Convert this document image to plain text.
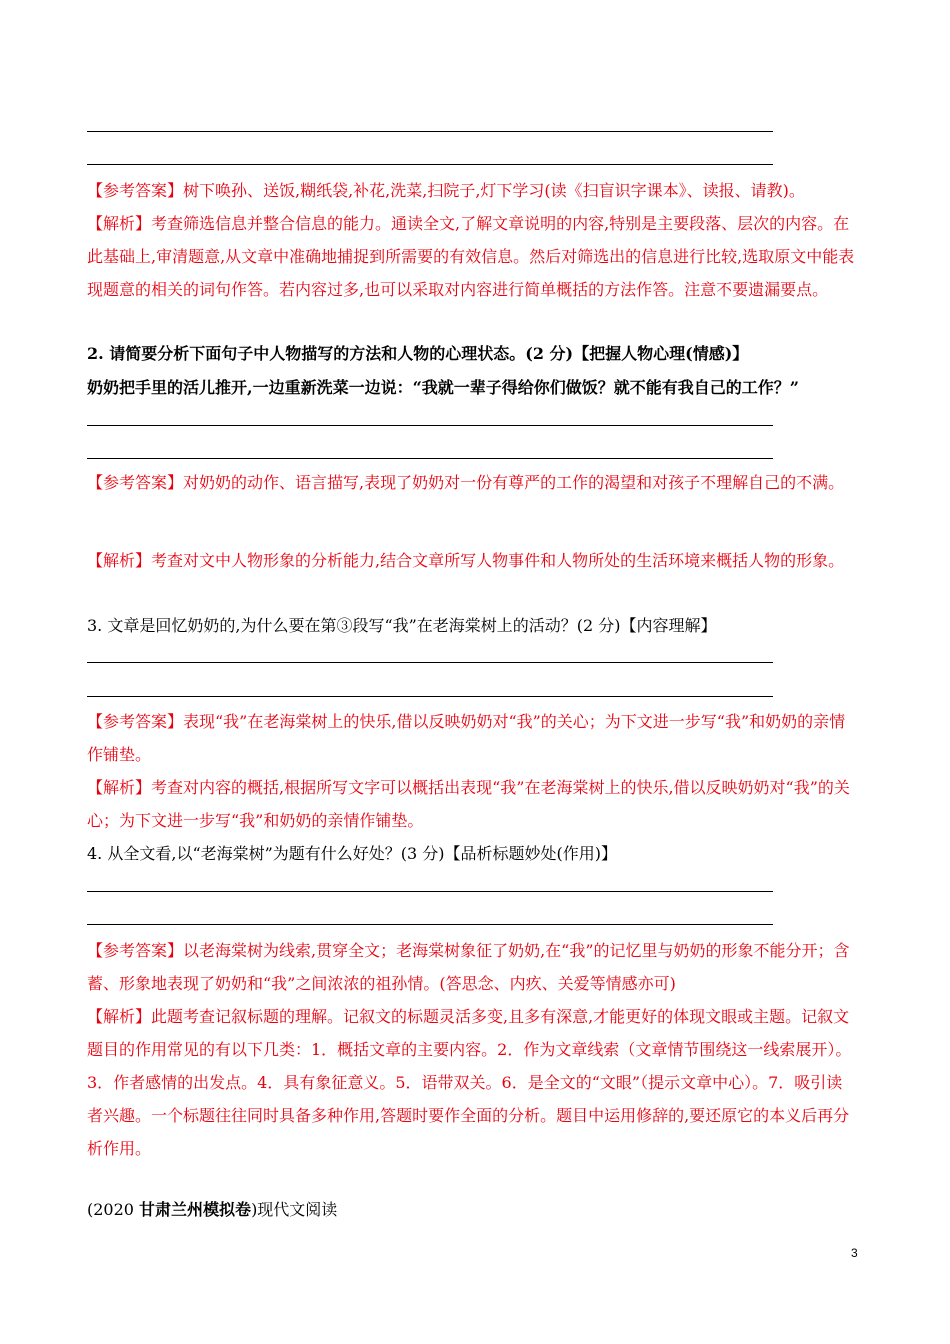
【参考答案】树下唤孙、送饭,糊纸袋,补花,洗菜,扫院子,灯下学习(读《扫盲识字课本》、读报、请教)。
【解析】考查筛选信息并整合信息的能力。通读全文,了解文章说明的内容,特别是主要段落、层次的内容。在此基础上,审清题意,从文章中准确地捕捉到所需要的有效信息。然后对筛选出的信息进行比较,选取原文中能表现题意的相关的词句作答。若内容过多,也可以采取对内容进行简单概括的方法作答。注意不要遗漏要点。
2. 请简要分析下面句子中人物描写的方法和人物的心理状态。(2 分)【把握人物心理(情感)】
奶奶把手里的活儿推开,一边重新洗菜一边说：“我就一辈子得给你们做饭？就不能有我自己的工作？”
【参考答案】对奶奶的动作、语言描写,表现了奶奶对一份有尊严的工作的渴望和对孩子不理解自己的不满。
【解析】考查对文中人物形象的分析能力,结合文章所写人物事件和人物所处的生活环境来概括人物的形象。
3. 文章是回忆奶奶的,为什么要在第③段写“我”在老海棠树上的活动？(2 分)【内容理解】
【参考答案】表现“我”在老海棠树上的快乐,借以反映奶奶对“我”的关心；为下文进一步写“我”和奶奶的亲情作铺垫。
【解析】考查对内容的概括,根据所写文字可以概括出表现“我”在老海棠树上的快乐,借以反映奶奶对“我”的关心；为下文进一步写“我”和奶奶的亲情作铺垫。
4. 从全文看,以“老海棠树”为题有什么好处？(3 分)【品析标题妙处(作用)】
【参考答案】以老海棠树为线索,贯穿全文；老海棠树象征了奶奶,在“我”的记忆里与奶奶的形象不能分开；含蓄、形象地表现了奶奶和“我”之间浓浓的祖孙情。(答思念、内疚、关爱等情感亦可)
【解析】此题考查记叙标题的理解。记叙文的标题灵活多变,且多有深意,才能更好的体现文眼或主题。记叙文题目的作用常见的有以下几类：1．概括文章的主要内容。2．作为文章线索（文章情节围绕这一线索展开）。3．作者感情的出发点。4．具有象征意义。5．语带双关。6．是全文的“文眼”（提示文章中心）。7．吸引读者兴趣。一个标题往往同时具备多种作用,答题时要作全面的分析。题目中运用修辞的,要还原它的本义后再分析作用。
(2020 甘肃兰州模拟卷)现代文阅读
3
